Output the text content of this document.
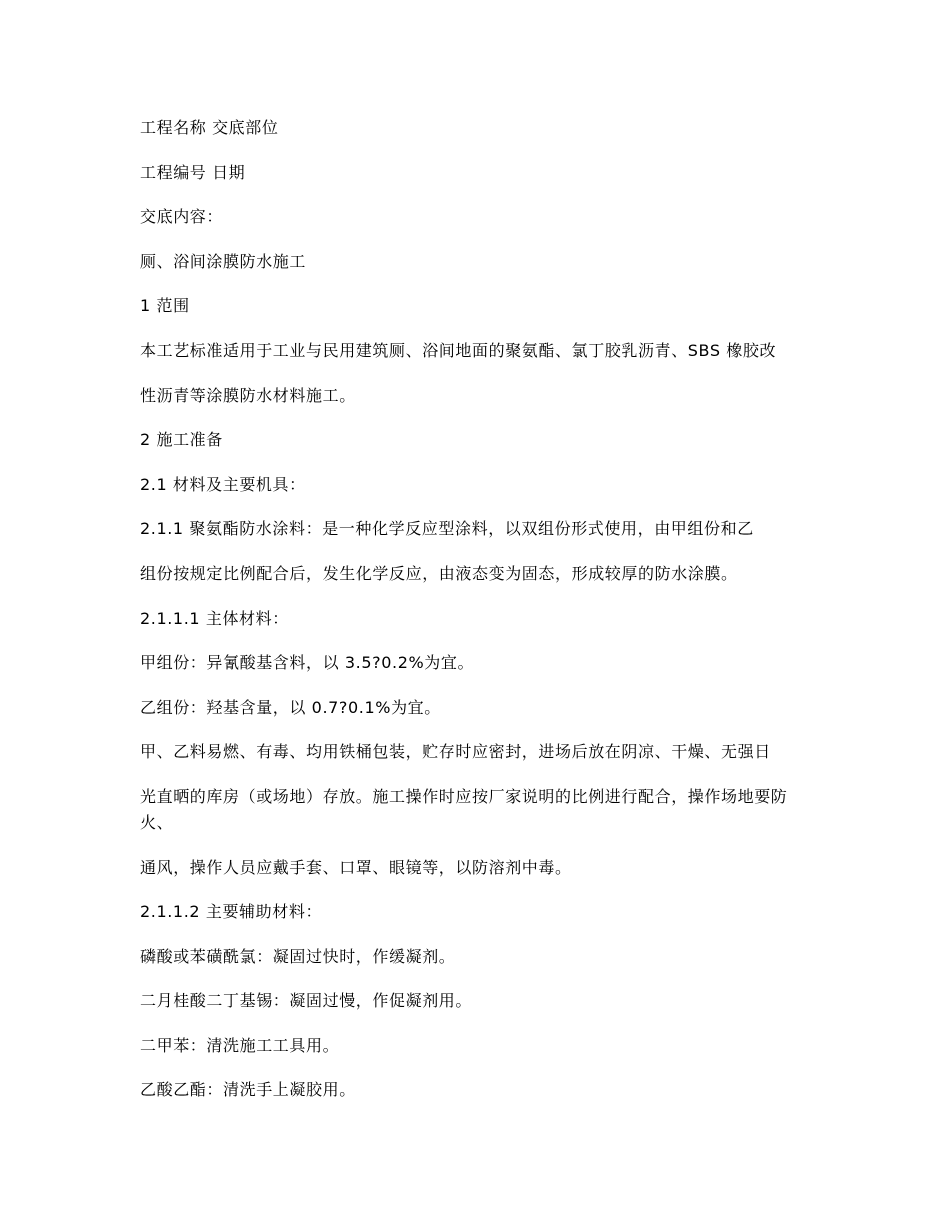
工程名称 交底部位
工程编号 日期
交底内容：
厕、浴间涂膜防水施工
1 范围
本工艺标准适用于工业与民用建筑厕、浴间地面的聚氨酯、氯丁胶乳沥青、SBS 橡胶改
性沥青等涂膜防水材料施工。
2 施工准备
2.1 材料及主要机具：
2.1.1 聚氨酯防水涂料：是一种化学反应型涂料，以双组份形式使用，由甲组份和乙
组份按规定比例配合后，发生化学反应，由液态变为固态，形成较厚的防水涂膜。
2.1.1.1 主体材料：
甲组份：异氰酸基含料，以 3.5?0.2%为宜。
乙组份：羟基含量，以 0.7?0.1%为宜。
甲、乙料易燃、有毒、均用铁桶包装，贮存时应密封，进场后放在阴凉、干燥、无强日
光直晒的库房（或场地）存放。施工操作时应按厂家说明的比例进行配合，操作场地要防火、
通风，操作人员应戴手套、口罩、眼镜等，以防溶剂中毒。
2.1.1.2 主要辅助材料：
磷酸或苯磺酰氯：凝固过快时，作缓凝剂。
二月桂酸二丁基锡：凝固过慢，作促凝剂用。
二甲苯：清洗施工工具用。
乙酸乙酯：清洗手上凝胶用。
